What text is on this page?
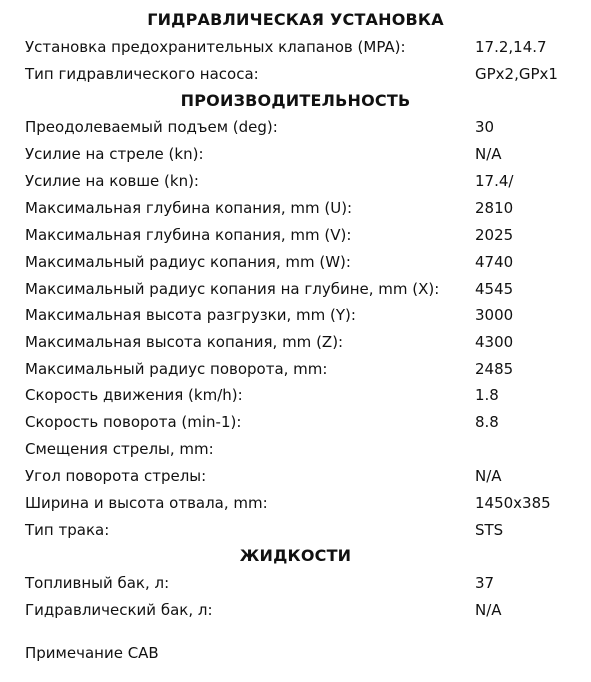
ГИДРАВЛИЧЕСКАЯ УСТАНОВКА
Установка предохранительных клапанов (MPA):	17.2,14.7
Тип гидравлического насоса:	GPx2,GPx1
ПРОИЗВОДИТЕЛЬНОСТЬ
Преодолеваемый подъем (deg):	30
Усилие на стреле (kn):	N/A
Усилие на ковше (kn):	17.4/
Максимальная глубина копания, mm (U):	2810
Максимальная глубина копания, mm (V):	2025
Максимальный радиус копания, mm (W):	4740
Максимальный радиус копания на глубине, mm (X): 4545
Максимальная высота разгрузки, mm (Y):	3000
Максимальная высота копания, mm (Z):	4300
Максимальный радиус поворота, mm:	2485
Скорость движения (km/h):	1.8
Скорость поворота (min-1):	8.8
Смещения стрелы, mm:
Угол поворота стрелы:	N/A
Ширина и высота отвала, mm:	1450x385
Тип трака:	STS
ЖИДКОСТИ
Топливный бак, л:	37
Гидравлический бак, л:	N/A
Примечание CAB
